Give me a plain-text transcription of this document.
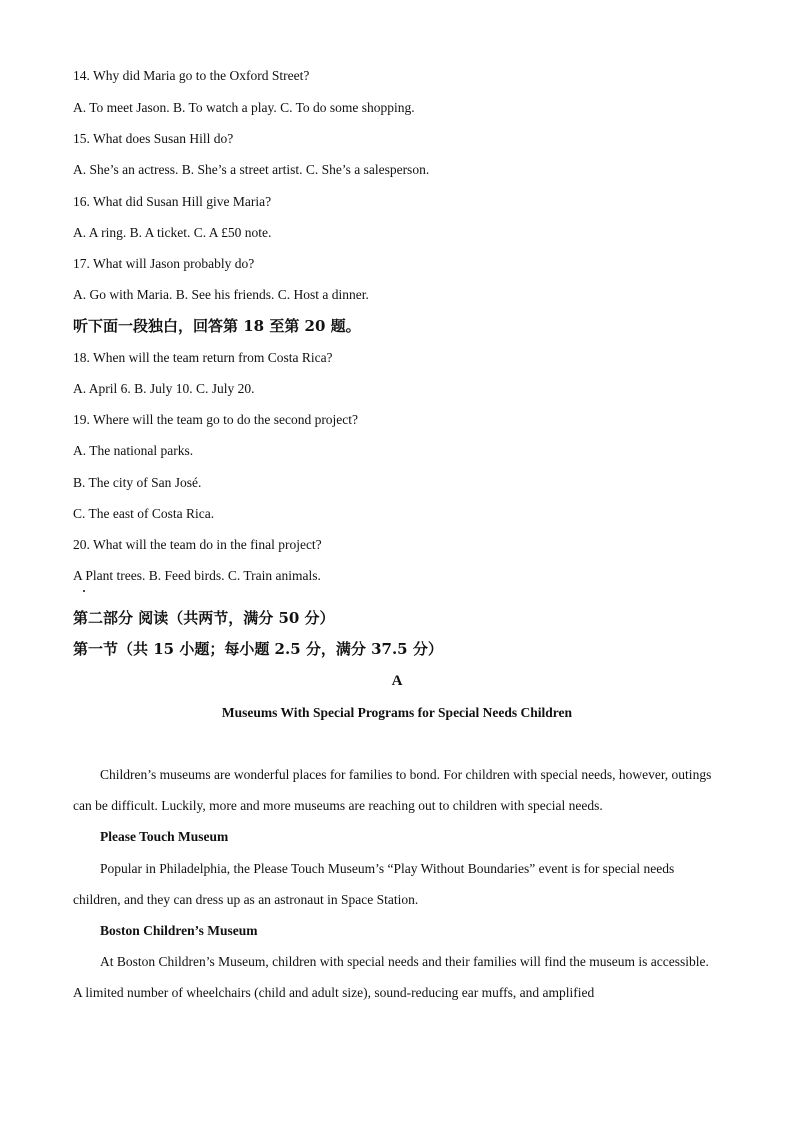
14. Why did Maria go to the Oxford Street?
A. To meet Jason. B. To watch a play. C. To do some shopping.
15. What does Susan Hill do?
A. She’s an actress. B. She’s a street artist. C. She’s a salesperson.
16. What did Susan Hill give Maria?
A. A ring. B. A ticket. C. A £50 note.
17. What will Jason probably do?
A. Go with Maria. B. See his friends. C. Host a dinner.
听下面一段独白，回答第 18 至第 20 题。
18. When will the team return from Costa Rica?
A. April 6. B. July 10. C. July 20.
19. Where will the team go to do the second project?
A. The national parks.
B. The city of San José.
C. The east of Costa Rica.
20. What will the team do in the final project?
A Plant trees. B. Feed birds. C. Train animals.
第二部分 阅读（共两节，满分 50 分）
第一节（共 15 小题；每小题 2.5 分，满分 37.5 分）
A
Museums With Special Programs for Special Needs Children
Children’s museums are wonderful places for families to bond. For children with special needs, however, outings can be difficult. Luckily, more and more museums are reaching out to children with special needs.
Please Touch Museum
Popular in Philadelphia, the Please Touch Museum’s “Play Without Boundaries” event is for special needs children, and they can dress up as an astronaut in Space Station.
Boston Children’s Museum
At Boston Children’s Museum, children with special needs and their families will find the museum is accessible. A limited number of wheelchairs (child and adult size), sound-reducing ear muffs, and amplified
